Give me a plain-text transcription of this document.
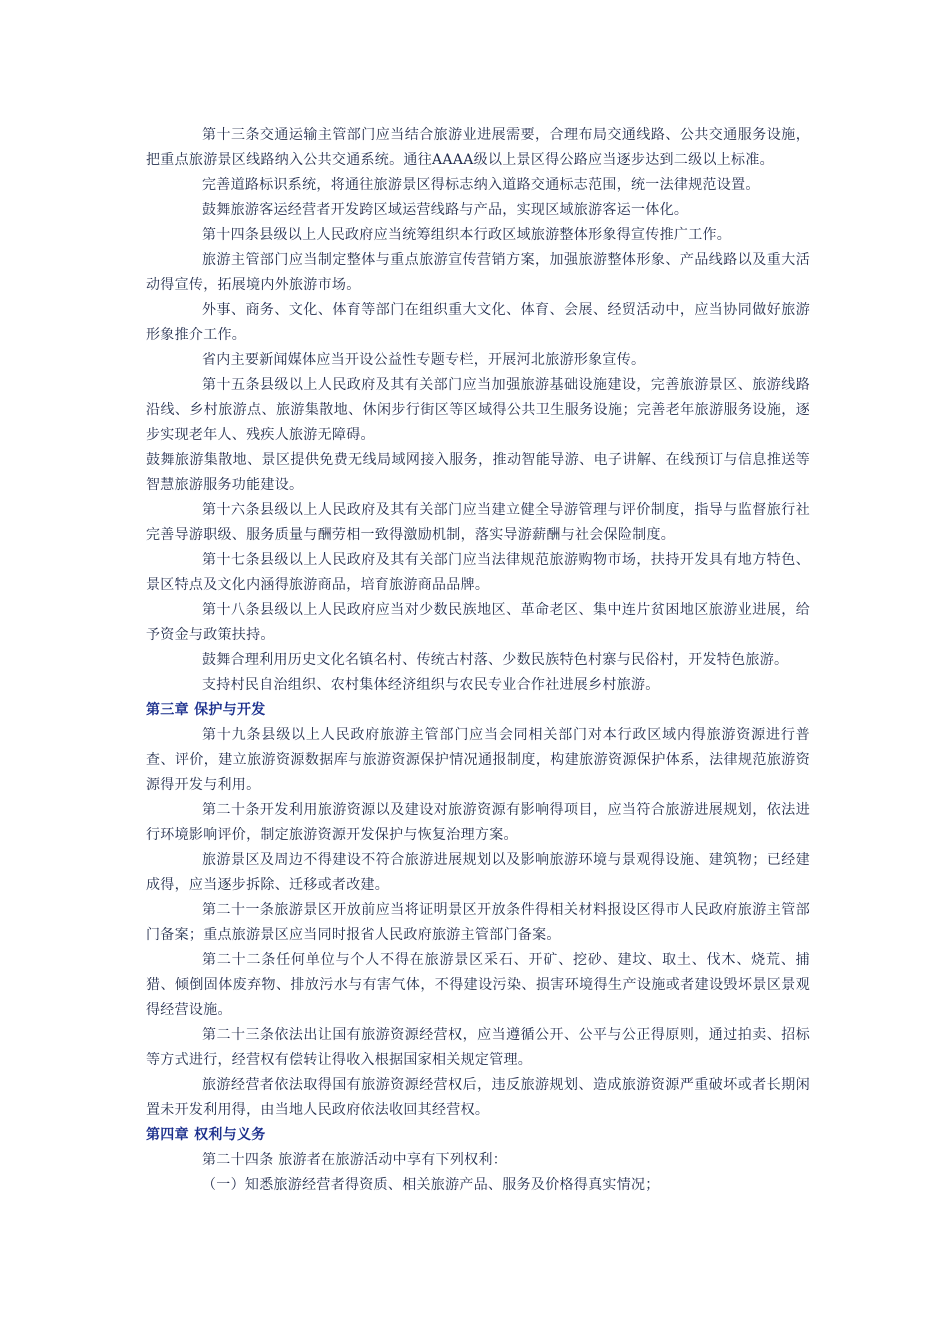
第十三条交通运输主管部门应当结合旅游业进展需要，合理布局交通线路、公共交通服务设施，把重点旅游景区线路纳入公共交通系统。通往AAAA级以上景区得公路应当逐步达到二级以上标准。

完善道路标识系统，将通往旅游景区得标志纳入道路交通标志范围，统一法律规范设置。

鼓舞旅游客运经营者开发跨区域运营线路与产品，实现区域旅游客运一体化。

第十四条县级以上人民政府应当统筹组织本行政区域旅游整体形象得宣传推广工作。

旅游主管部门应当制定整体与重点旅游宣传营销方案，加强旅游整体形象、产品线路以及重大活动得宣传，拓展境内外旅游市场。

外事、商务、文化、体育等部门在组织重大文化、体育、会展、经贸活动中，应当协同做好旅游形象推介工作。

省内主要新闻媒体应当开设公益性专题专栏，开展河北旅游形象宣传。

第十五条县级以上人民政府及其有关部门应当加强旅游基础设施建设，完善旅游景区、旅游线路沿线、乡村旅游点、旅游集散地、休闲步行街区等区域得公共卫生服务设施；完善老年旅游服务设施，逐步实现老年人、残疾人旅游无障碍。

鼓舞旅游集散地、景区提供免费无线局域网接入服务，推动智能导游、电子讲解、在线预订与信息推送等智慧旅游服务功能建设。

第十六条县级以上人民政府及其有关部门应当建立健全导游管理与评价制度，指导与监督旅行社完善导游职级、服务质量与酬劳相一致得激励机制，落实导游薪酬与社会保险制度。

第十七条县级以上人民政府及其有关部门应当法律规范旅游购物市场，扶持开发具有地方特色、景区特点及文化内涵得旅游商品，培育旅游商品品牌。

第十八条县级以上人民政府应当对少数民族地区、革命老区、集中连片贫困地区旅游业进展，给予资金与政策扶持。

鼓舞合理利用历史文化名镇名村、传统古村落、少数民族特色村寨与民俗村，开发特色旅游。

支持村民自治组织、农村集体经济组织与农民专业合作社进展乡村旅游。

第三章 保护与开发

第十九条县级以上人民政府旅游主管部门应当会同相关部门对本行政区域内得旅游资源进行普查、评价，建立旅游资源数据库与旅游资源保护情况通报制度，构建旅游资源保护体系，法律规范旅游资源得开发与利用。

第二十条开发利用旅游资源以及建设对旅游资源有影响得项目，应当符合旅游进展规划，依法进行环境影响评价，制定旅游资源开发保护与恢复治理方案。

旅游景区及周边不得建设不符合旅游进展规划以及影响旅游环境与景观得设施、建筑物；已经建成得，应当逐步拆除、迁移或者改建。

第二十一条旅游景区开放前应当将证明景区开放条件得相关材料报设区得市人民政府旅游主管部门备案；重点旅游景区应当同时报省人民政府旅游主管部门备案。

第二十二条任何单位与个人不得在旅游景区采石、开矿、挖砂、建坟、取土、伐木、烧荒、捕猎、倾倒固体废弃物、排放污水与有害气体，不得建设污染、损害环境得生产设施或者建设毁坏景区景观得经营设施。

第二十三条依法出让国有旅游资源经营权，应当遵循公开、公平与公正得原则，通过拍卖、招标等方式进行，经营权有偿转让得收入根据国家相关规定管理。

旅游经营者依法取得国有旅游资源经营权后，违反旅游规划、造成旅游资源严重破坏或者长期闲置未开发利用得，由当地人民政府依法收回其经营权。

第四章 权利与义务

第二十四条 旅游者在旅游活动中享有下列权利：

（一）知悉旅游经营者得资质、相关旅游产品、服务及价格得真实情况；
